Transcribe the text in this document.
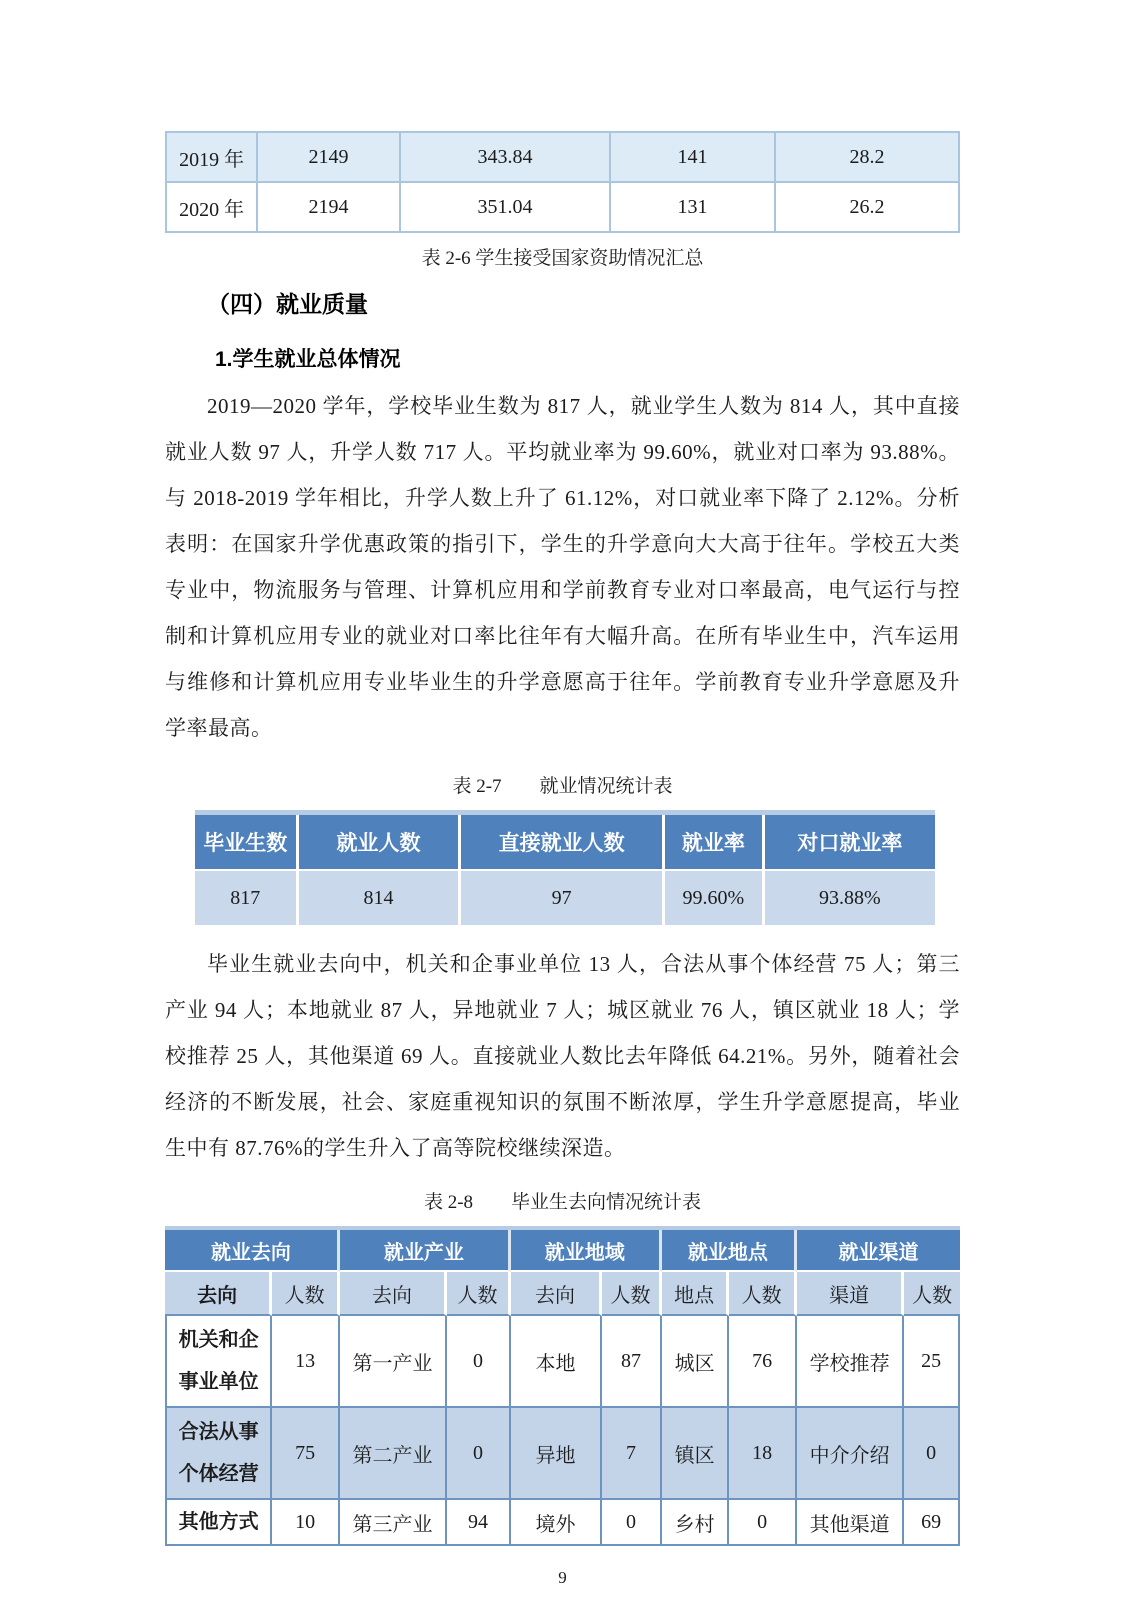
2019 年	2149	343.84	141	28.2
2020 年	2194	351.04	131	26.2
表 2-6 学生接受国家资助情况汇总
（四）就业质量
1.学生就业总体情况
2019—2020 学年，学校毕业生数为 817 人，就业学生人数为 814 人，其中直接就业人数 97 人，升学人数 717 人。平均就业率为 99.60%，就业对口率为 93.88%。与 2018-2019 学年相比，升学人数上升了 61.12%，对口就业率下降了 2.12%。分析表明：在国家升学优惠政策的指引下，学生的升学意向大大高于往年。学校五大类专业中，物流服务与管理、计算机应用和学前教育专业对口率最高，电气运行与控制和计算机应用专业的就业对口率比往年有大幅升高。在所有毕业生中，汽车运用与维修和计算机应用专业毕业生的升学意愿高于往年。学前教育专业升学意愿及升学率最高。
表 2-7　　就业情况统计表
毕业生数	就业人数	直接就业人数	就业率	对口就业率
817	814	97	99.60%	93.88%
毕业生就业去向中，机关和企事业单位 13 人，合法从事个体经营 75 人；第三产业 94 人；本地就业 87 人，异地就业 7 人；城区就业 76 人，镇区就业 18 人；学校推荐 25 人，其他渠道 69 人。直接就业人数比去年降低 64.21%。另外，随着社会经济的不断发展，社会、家庭重视知识的氛围不断浓厚，学生升学意愿提高，毕业生中有 87.76%的学生升入了高等院校继续深造。
表 2-8　　毕业生去向情况统计表
就业去向		就业产业		就业地域		就业地点		就业渠道	
去向	人数	去向	人数	去向	人数	地点	人数	渠道	人数
机关和企事业单位	13	第一产业	0	本地	87	城区	76	学校推荐	25
合法从事个体经营	75	第二产业	0	异地	7	镇区	18	中介介绍	0
其他方式	10	第三产业	94	境外	0	乡村	0	其他渠道	69
9
